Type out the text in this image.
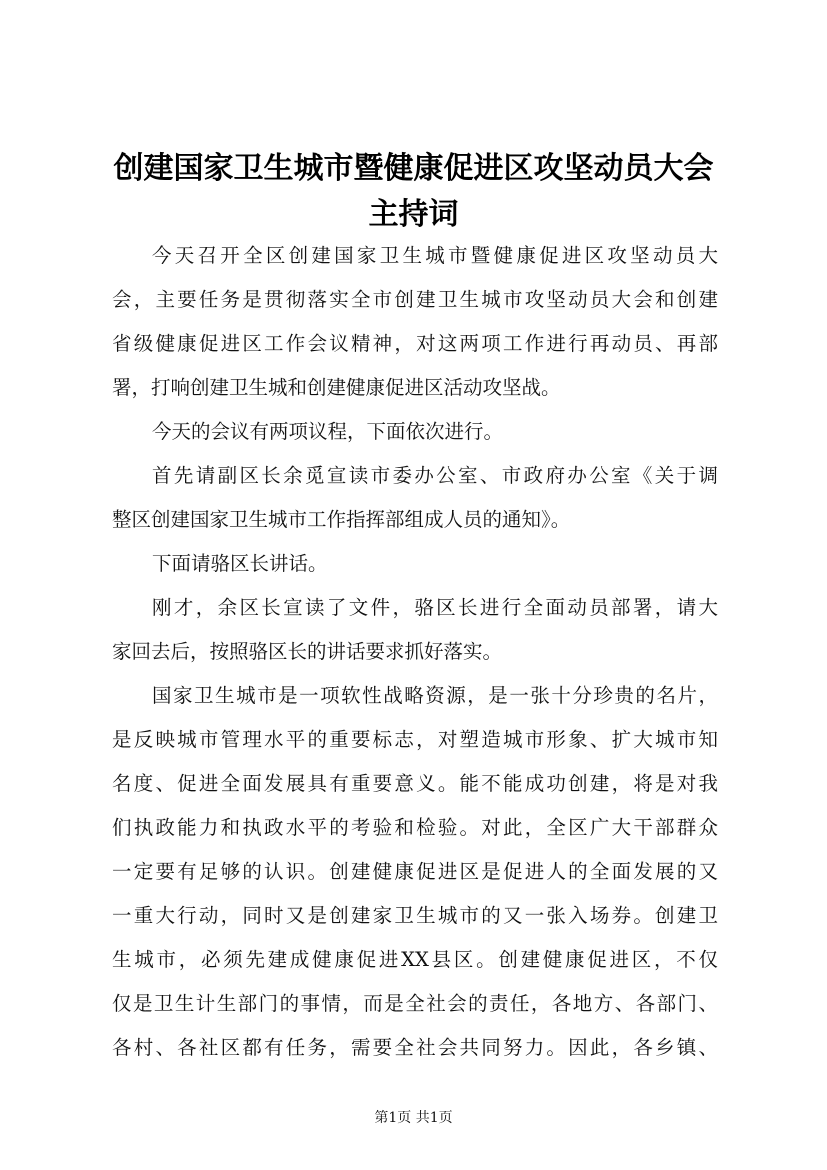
创建国家卫生城市暨健康促进区攻坚动员大会
主持词

今天召开全区创建国家卫生城市暨健康促进区攻坚动员大
会，主要任务是贯彻落实全市创建卫生城市攻坚动员大会和创建
省级健康促进区工作会议精神，对这两项工作进行再动员、再部
署，打响创建卫生城和创建健康促进区活动攻坚战。

今天的会议有两项议程，下面依次进行。

首先请副区长余觅宣读市委办公室、市政府办公室《关于调
整区创建国家卫生城市工作指挥部组成人员的通知》。

下面请骆区长讲话。

刚才，余区长宣读了文件，骆区长进行全面动员部署，请大
家回去后，按照骆区长的讲话要求抓好落实。

国家卫生城市是一项软性战略资源，是一张十分珍贵的名片，
是反映城市管理水平的重要标志，对塑造城市形象、扩大城市知
名度、促进全面发展具有重要意义。能不能成功创建，将是对我
们执政能力和执政水平的考验和检验。对此，全区广大干部群众
一定要有足够的认识。创建健康促进区是促进人的全面发展的又
一重大行动，同时又是创建家卫生城市的又一张入场券。创建卫
生城市，必须先建成健康促进XX县区。创建健康促进区，不仅
仅是卫生计生部门的事情，而是全社会的责任，各地方、各部门、
各村、各社区都有任务，需要全社会共同努力。因此，各乡镇、

第1页 共1页
